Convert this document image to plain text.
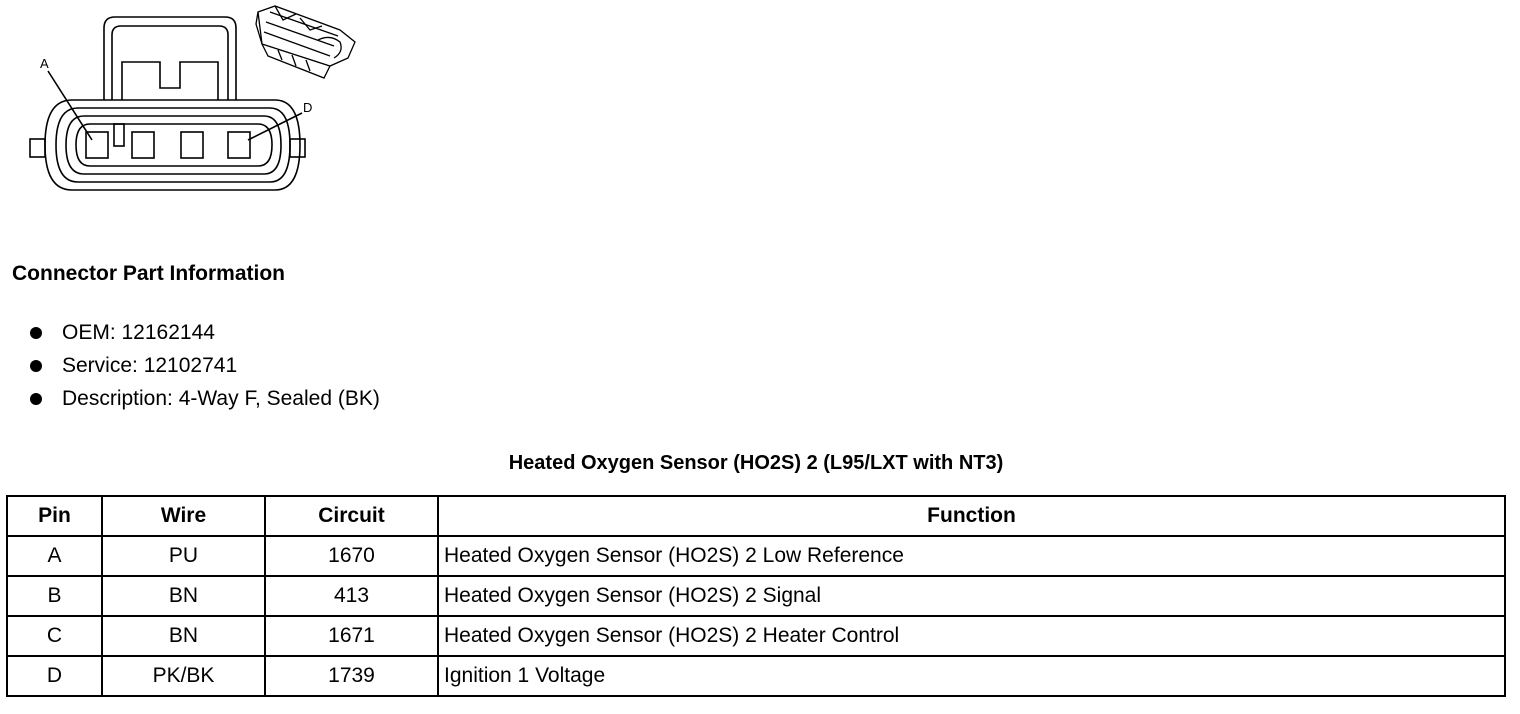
A
D
Connector Part Information
OEM: 12162144
Service: 12102741
Description: 4-Way F, Sealed (BK)
Heated Oxygen Sensor (HO2S) 2 (L95/LXT with NT3)
Pin	Wire	Circuit	Function
A	PU	1670	Heated Oxygen Sensor (HO2S) 2 Low Reference
B	BN	413	Heated Oxygen Sensor (HO2S) 2 Signal
C	BN	1671	Heated Oxygen Sensor (HO2S) 2 Heater Control
D	PK/BK	1739	Ignition 1 Voltage
